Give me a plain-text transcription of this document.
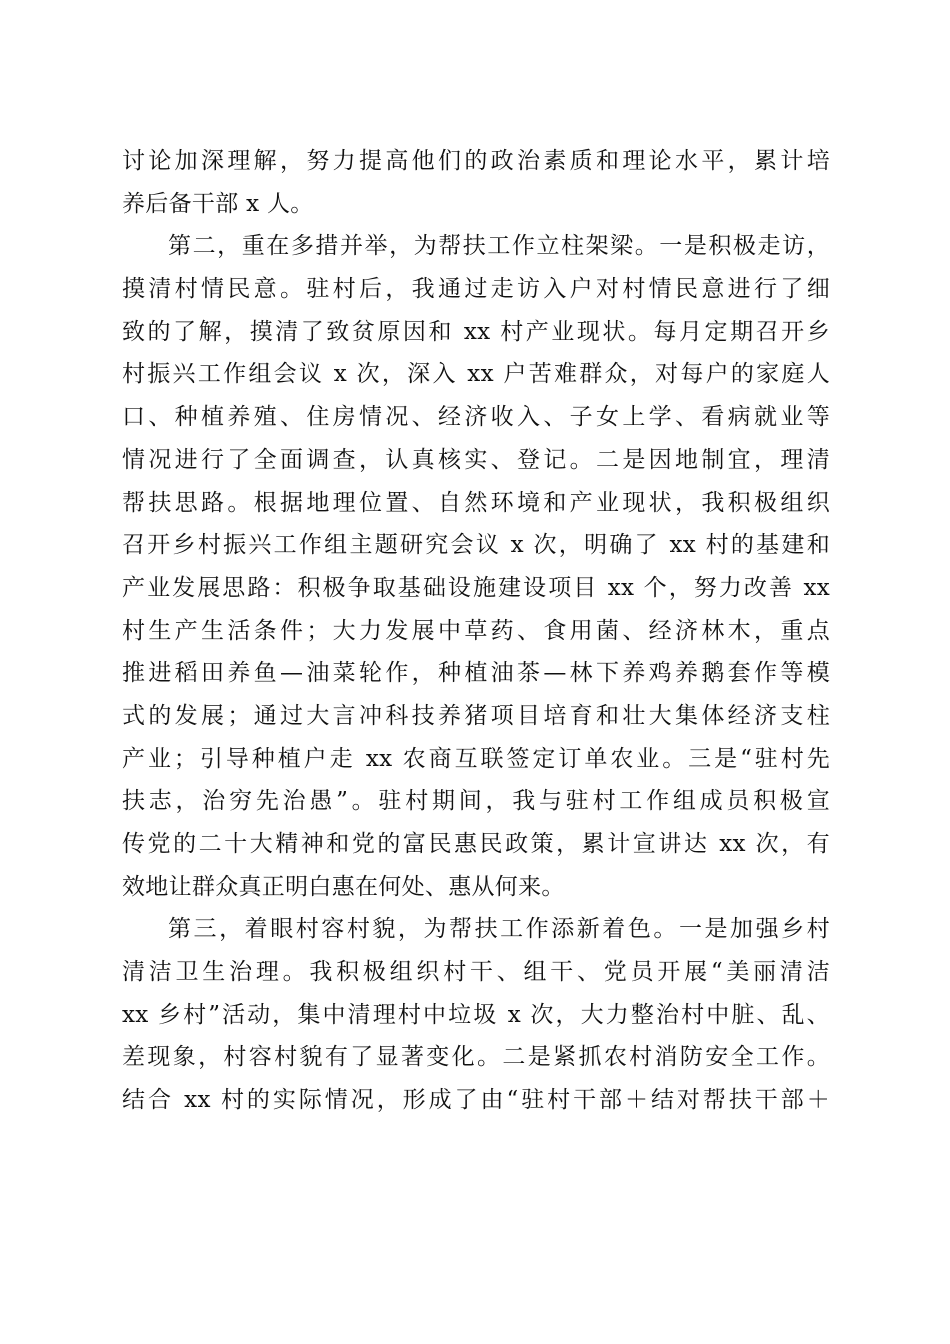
讨论加深理解，努力提高他们的政治素质和理论水平，累计培
养后备干部 x 人。
第二，重在多措并举，为帮扶工作立柱架梁。一是积极走访，
摸清村情民意。驻村后，我通过走访入户对村情民意进行了细
致的了解，摸清了致贫原因和 xx 村产业现状。每月定期召开乡
村振兴工作组会议 x 次，深入 xx 户苦难群众，对每户的家庭人
口、种植养殖、住房情况、经济收入、子女上学、看病就业等
情况进行了全面调查，认真核实、登记。二是因地制宜，理清
帮扶思路。根据地理位置、自然环境和产业现状，我积极组织
召开乡村振兴工作组主题研究会议 x 次，明确了 xx 村的基建和
产业发展思路：积极争取基础设施建设项目 xx 个，努力改善 xx
村生产生活条件；大力发展中草药、食用菌、经济林木，重点
推进稻田养鱼—油菜轮作，种植油茶—林下养鸡养鹅套作等模
式的发展；通过大言冲科技养猪项目培育和壮大集体经济支柱
产业；引导种植户走 xx 农商互联签定订单农业。三是“驻村先
扶志，治穷先治愚”。驻村期间，我与驻村工作组成员积极宣
传党的二十大精神和党的富民惠民政策，累计宣讲达 xx 次，有
效地让群众真正明白惠在何处、惠从何来。
第三，着眼村容村貌，为帮扶工作添新着色。一是加强乡村
清洁卫生治理。我积极组织村干、组干、党员开展“美丽清洁
xx 乡村”活动，集中清理村中垃圾 x 次，大力整治村中脏、乱、
差现象，村容村貌有了显著变化。二是紧抓农村消防安全工作。
结合 xx 村的实际情况，形成了由“驻村干部＋结对帮扶干部＋
